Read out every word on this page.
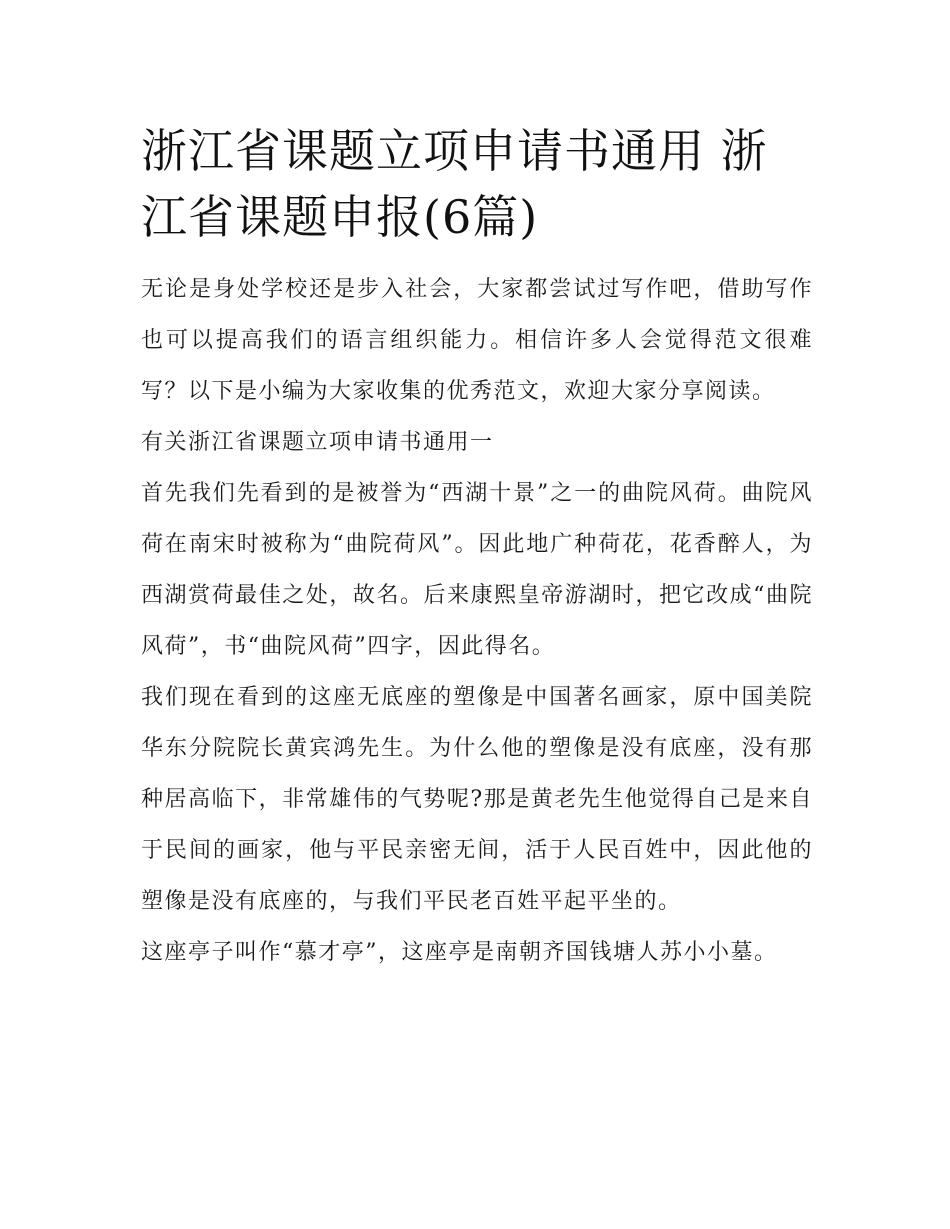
浙江省课题立项申请书通用 浙江省课题申报(6篇)

无论是身处学校还是步入社会，大家都尝试过写作吧，借助写作也可以提高我们的语言组织能力。相信许多人会觉得范文很难写？以下是小编为大家收集的优秀范文，欢迎大家分享阅读。

有关浙江省课题立项申请书通用一

首先我们先看到的是被誉为“西湖十景”之一的曲院风荷。曲院风荷在南宋时被称为“曲院荷风”。因此地广种荷花，花香醉人，为西湖赏荷最佳之处，故名。后来康熙皇帝游湖时，把它改成“曲院风荷”，书“曲院风荷”四字，因此得名。

我们现在看到的这座无底座的塑像是中国著名画家，原中国美院华东分院院长黄宾鸿先生。为什么他的塑像是没有底座，没有那种居高临下，非常雄伟的气势呢?那是黄老先生他觉得自己是来自于民间的画家，他与平民亲密无间，活于人民百姓中，因此他的塑像是没有底座的，与我们平民老百姓平起平坐的。

这座亭子叫作“慕才亭”，这座亭是南朝齐国钱塘人苏小小墓。
